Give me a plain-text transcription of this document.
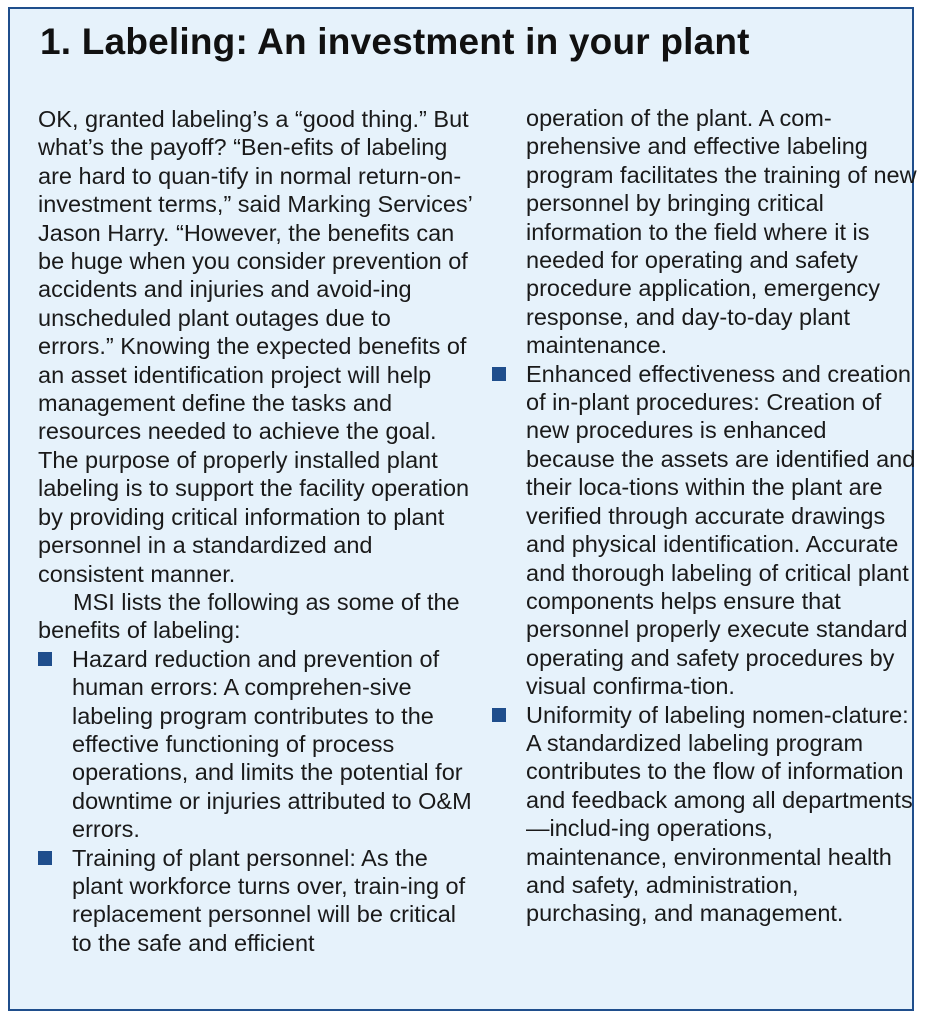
1. Labeling: An investment in your plant

OK, granted labeling’s a “good thing.” But what’s the payoff? “Ben-efits of labeling are hard to quan-tify in normal return-on-investment terms,” said Marking Services’ Jason Harry. “However, the benefits can be huge when you consider prevention of accidents and injuries and avoid-ing unscheduled plant outages due to errors.” Knowing the expected benefits of an asset identification project will help management define the tasks and resources needed to achieve the goal. The purpose of properly installed plant labeling is to support the facility operation by providing critical information to plant personnel in a standardized and consistent manner.

MSI lists the following as some of the benefits of labeling:

Hazard reduction and prevention of human errors: A comprehen-sive labeling program contributes to the effective functioning of process operations, and limits the potential for downtime or injuries attributed to O&M errors.
Training of plant personnel: As the plant workforce turns over, train-ing of replacement personnel will be critical to the safe and efficient

operation of the plant. A com-prehensive and effective labeling program facilitates the training of new personnel by bringing critical information to the field where it is needed for operating and safety procedure application, emergency response, and day-to-day plant maintenance.

Enhanced effectiveness and creation of in-plant procedures: Creation of new procedures is enhanced because the assets are identified and their loca-tions within the plant are verified through accurate drawings and physical identification. Accurate and thorough labeling of critical plant components helps ensure that personnel properly execute standard operating and safety procedures by visual confirma-tion.
Uniformity of labeling nomen-clature: A standardized labeling program contributes to the flow of information and feedback among all departments—includ-ing operations, maintenance, environmental health and safety, administration, purchasing, and management.
